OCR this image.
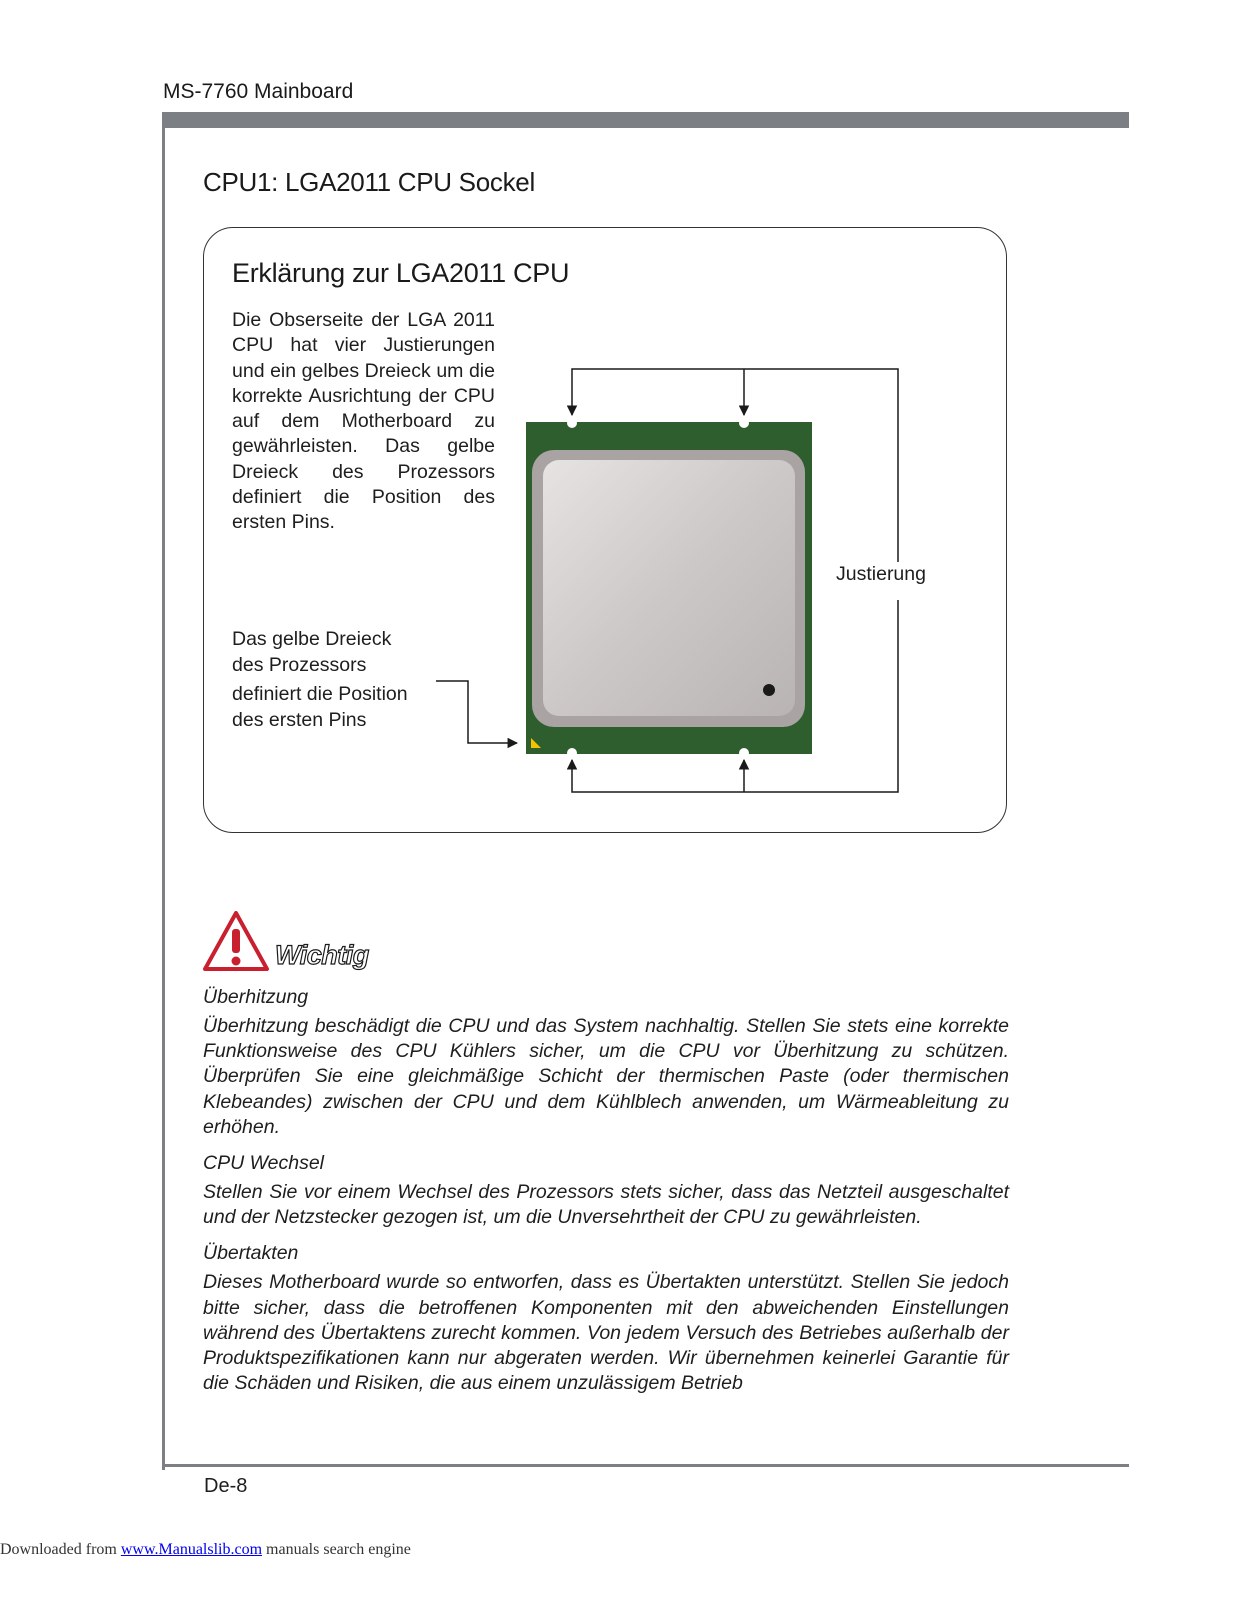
MS-7760 Mainboard
CPU1: LGA2011 CPU Sockel
Erklärung zur LGA2011 CPU
Die Obserseite der LGA 2011 CPU hat vier Justierungen und ein gelbes Dreieck um die korrekte Ausrichtung der CPU auf dem Motherboard zu gewährleisten. Das gelbe Dreieck des Prozessors definiert die Position des ersten Pins.
Das gelbe Dreieck
des Prozessors
definiert die Position
des ersten Pins
Justierung
Wichtig
Überhitzung
Überhitzung beschädigt die CPU und das System nachhaltig. Stellen Sie stets eine korrekte Funktionsweise des CPU Kühlers sicher, um die CPU vor Überhitzung zu schützen. Überprüfen Sie eine gleichmäßige Schicht der thermischen Paste (oder thermischen Klebeandes) zwischen der CPU und dem Kühlblech anwenden, um Wärmeableitung zu erhöhen.
CPU Wechsel
Stellen Sie vor einem Wechsel des Prozessors stets sicher, dass das Netzteil ausgeschaltet und der Netzstecker gezogen ist, um die Unversehrtheit der CPU zu gewährleisten.
Übertakten
Dieses Motherboard wurde so entworfen, dass es Übertakten unterstützt. Stellen Sie jedoch bitte sicher, dass die betroffenen Komponenten mit den abweichenden Einstellungen während des Übertaktens zurecht kommen. Von jedem Versuch des Betriebes außerhalb der Produktspezifikationen kann nur abgeraten werden. Wir übernehmen keinerlei Garantie für die Schäden und Risiken, die aus einem unzulässigem Betrieb
De-8
Downloaded from www.Manualslib.com manuals search engine
